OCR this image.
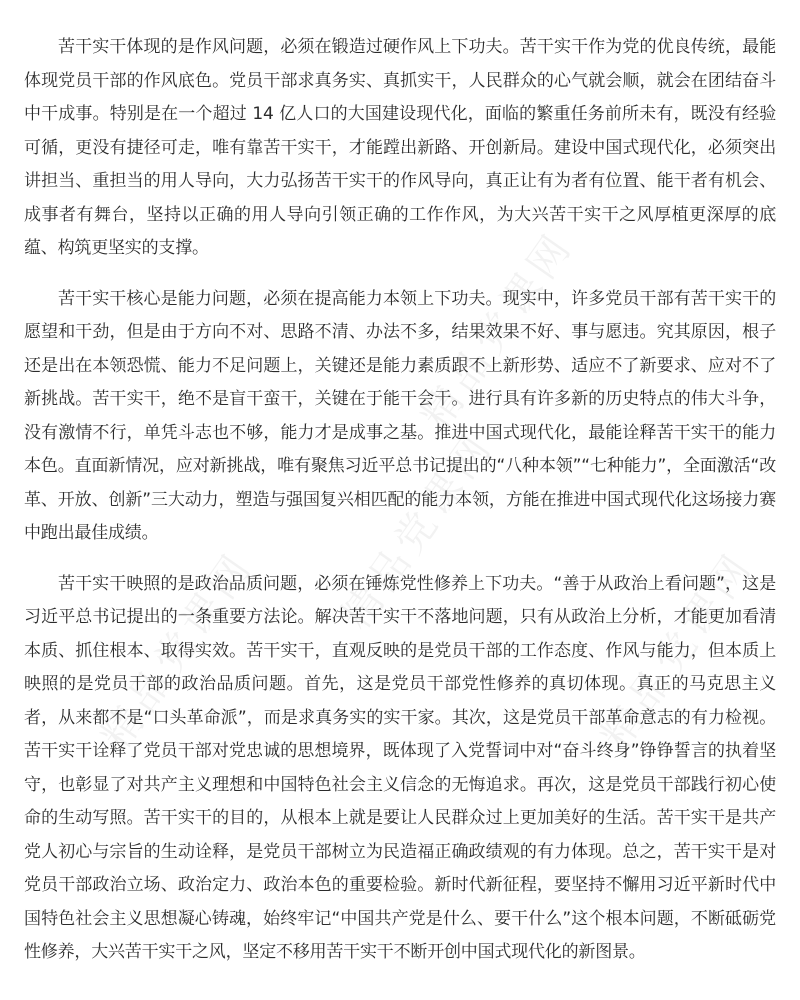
精品党课网
精品党课网	精品党课网
精品党课网

苦干实干体现的是作风问题，必须在锻造过硬作风上下功夫。苦干实干作为党的优良传统，最能体现党员干部的作风底色。党员干部求真务实、真抓实干，人民群众的心气就会顺，就会在团结奋斗中干成事。特别是在一个超过 14 亿人口的大国建设现代化，面临的繁重任务前所未有，既没有经验可循，更没有捷径可走，唯有靠苦干实干，才能蹚出新路、开创新局。建设中国式现代化，必须突出讲担当、重担当的用人导向，大力弘扬苦干实干的作风导向，真正让有为者有位置、能干者有机会、成事者有舞台，坚持以正确的用人导向引领正确的工作作风，为大兴苦干实干之风厚植更深厚的底蕴、构筑更坚实的支撑。

苦干实干核心是能力问题，必须在提高能力本领上下功夫。现实中，许多党员干部有苦干实干的愿望和干劲，但是由于方向不对、思路不清、办法不多，结果效果不好、事与愿违。究其原因，根子还是出在本领恐慌、能力不足问题上，关键还是能力素质跟不上新形势、适应不了新要求、应对不了新挑战。苦干实干，绝不是盲干蛮干，关键在于能干会干。进行具有许多新的历史特点的伟大斗争，没有激情不行，单凭斗志也不够，能力才是成事之基。推进中国式现代化，最能诠释苦干实干的能力本色。直面新情况，应对新挑战，唯有聚焦习近平总书记提出的“八种本领”“七种能力”，全面激活“改革、开放、创新”三大动力，塑造与强国复兴相匹配的能力本领，方能在推进中国式现代化这场接力赛中跑出最佳成绩。

苦干实干映照的是政治品质问题，必须在锤炼党性修养上下功夫。“善于从政治上看问题”，这是习近平总书记提出的一条重要方法论。解决苦干实干不落地问题，只有从政治上分析，才能更加看清本质、抓住根本、取得实效。苦干实干，直观反映的是党员干部的工作态度、作风与能力，但本质上映照的是党员干部的政治品质问题。首先，这是党员干部党性修养的真切体现。真正的马克思主义者，从来都不是“口头革命派”，而是求真务实的实干家。其次，这是党员干部革命意志的有力检视。苦干实干诠释了党员干部对党忠诚的思想境界，既体现了入党誓词中对“奋斗终身”铮铮誓言的执着坚守，也彰显了对共产主义理想和中国特色社会主义信念的无悔追求。再次，这是党员干部践行初心使命的生动写照。苦干实干的目的，从根本上就是要让人民群众过上更加美好的生活。苦干实干是共产党人初心与宗旨的生动诠释，是党员干部树立为民造福正确政绩观的有力体现。总之，苦干实干是对党员干部政治立场、政治定力、政治本色的重要检验。新时代新征程，要坚持不懈用习近平新时代中国特色社会主义思想凝心铸魂，始终牢记“中国共产党是什么、要干什么”这个根本问题，不断砥砺党性修养，大兴苦干实干之风，坚定不移用苦干实干不断开创中国式现代化的新图景。
